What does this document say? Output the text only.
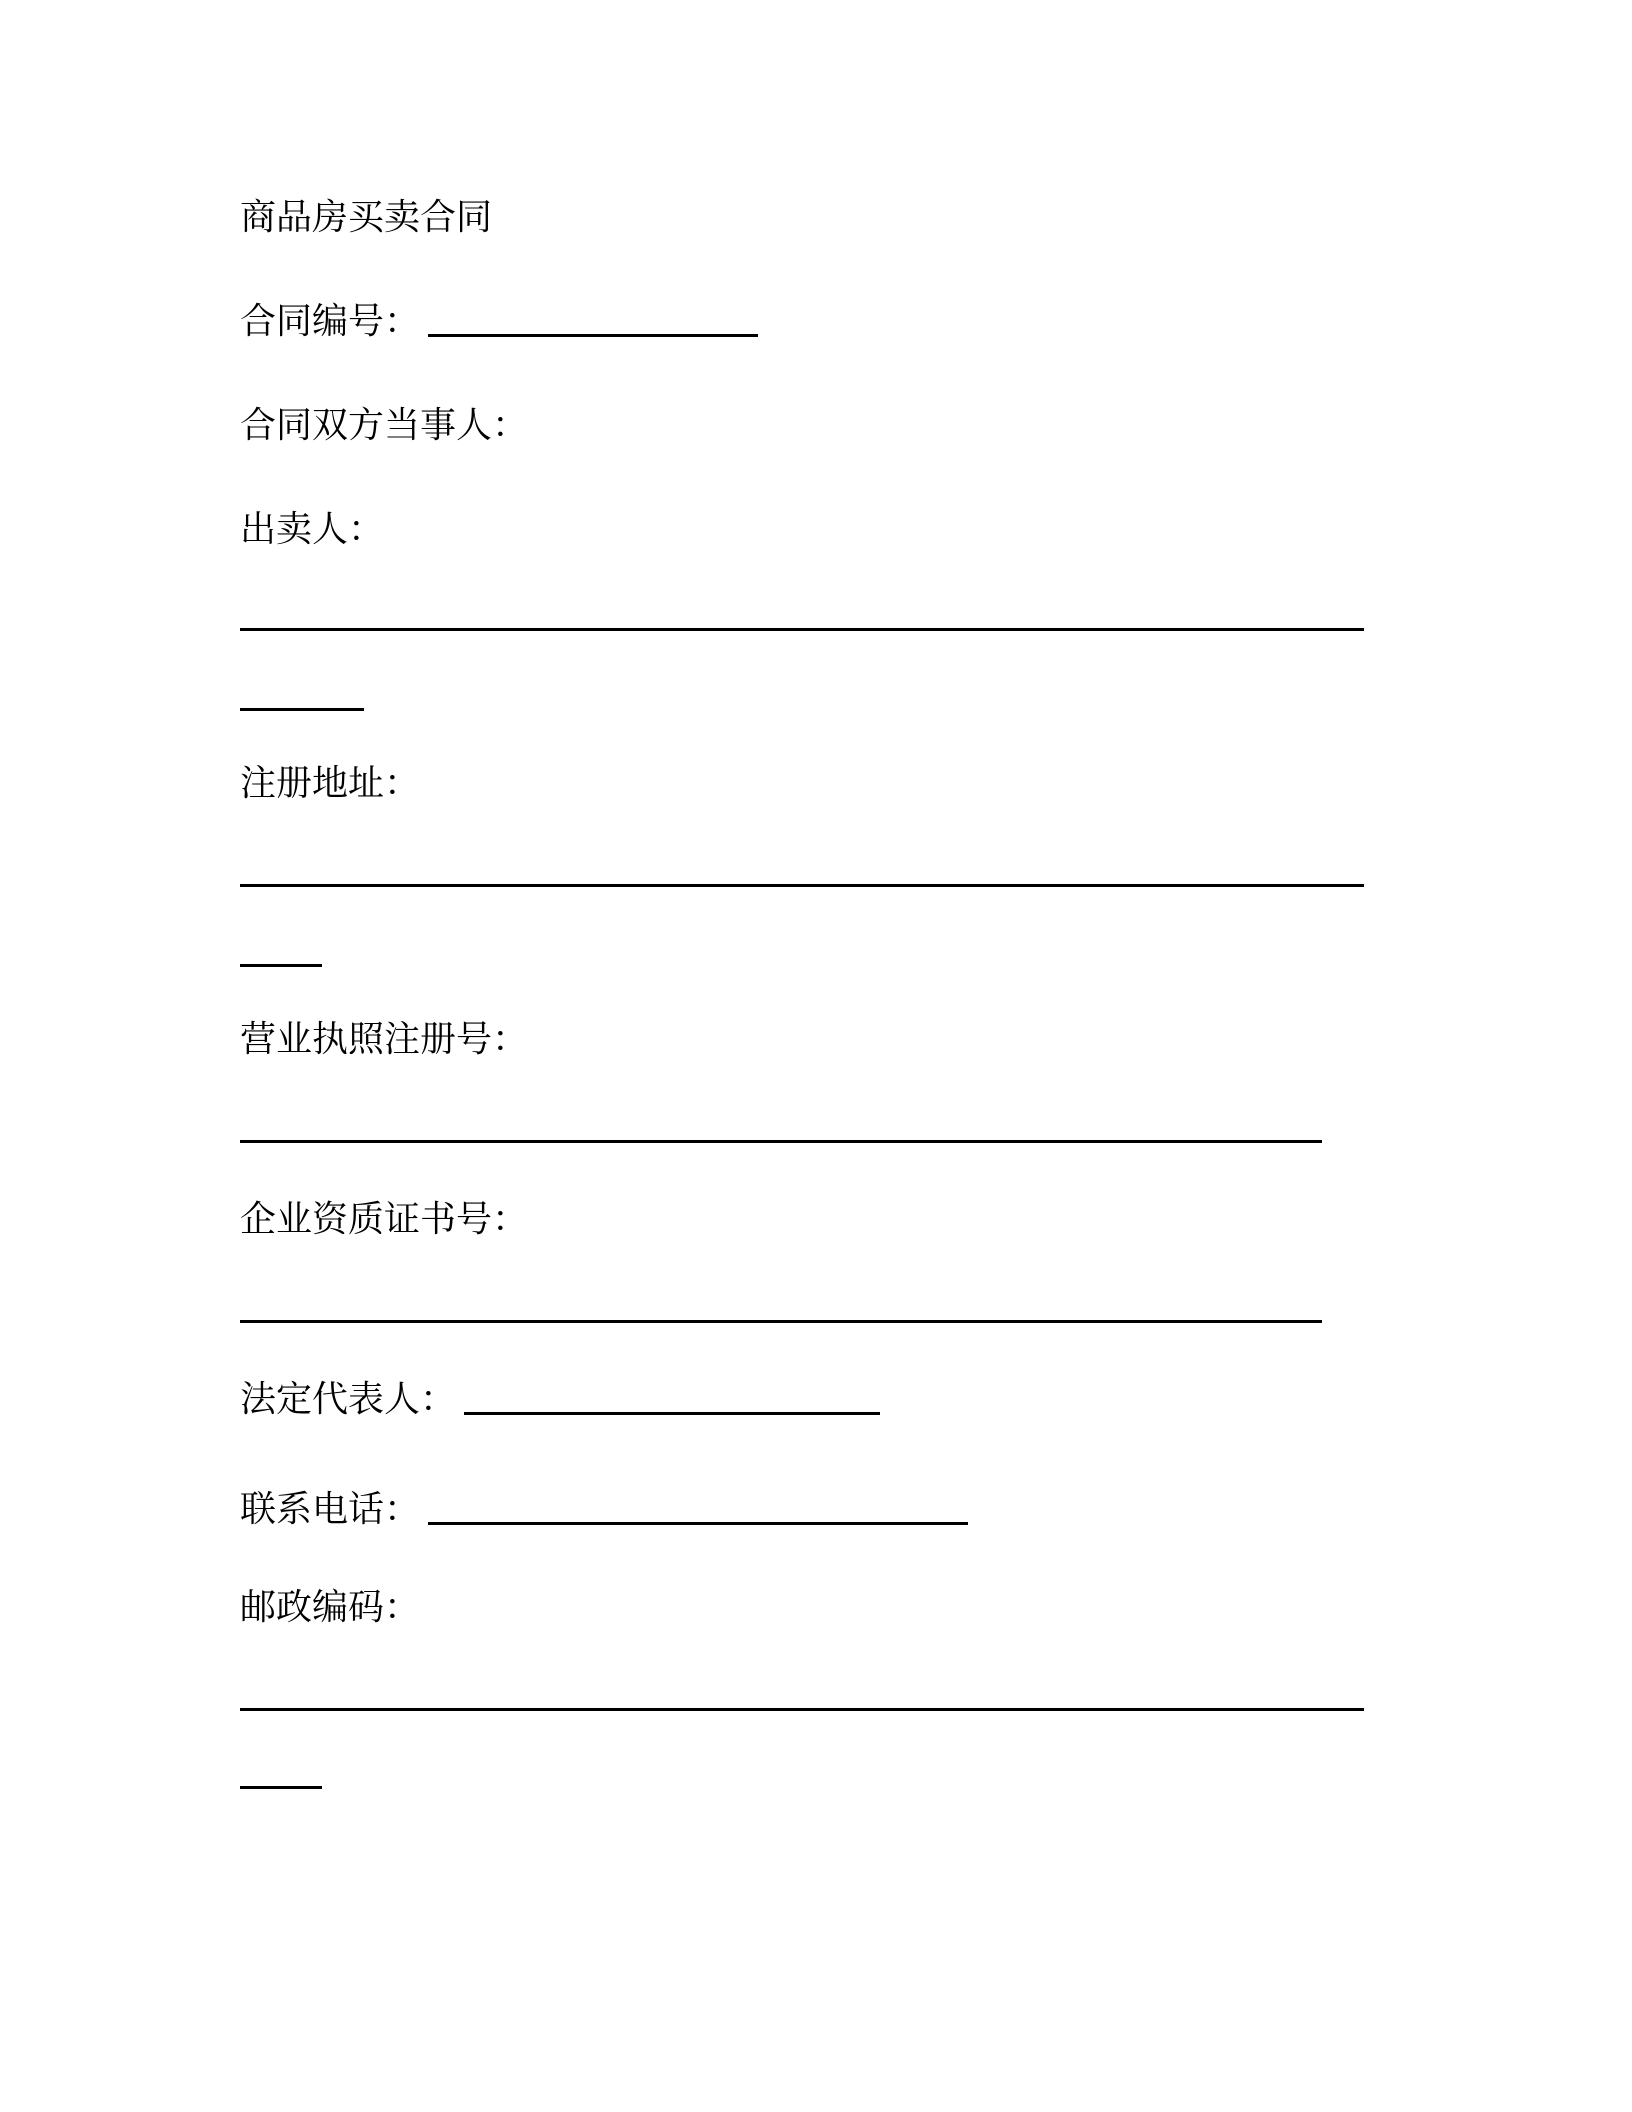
商品房买卖合同
合同编号：
合同双方当事人：
出卖人：
注册地址：
营业执照注册号：
企业资质证书号：
法定代表人：
联系电话：
邮政编码：
